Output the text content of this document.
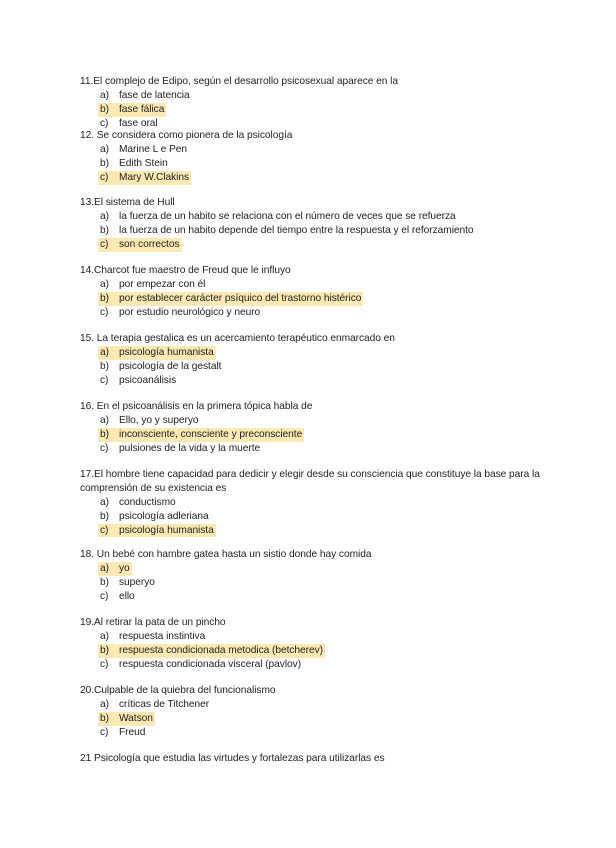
11.El complejo de Edipo, según el desarrollo psicosexual aparece en la
a) fase de latencia
b) fase fálica
c)	fase oral
12. Se considera como pionera de la psicología
a) Marine L e Pen
b) Edith Stein
c)	Mary W.Clakins
13.El sistema de Hull
a) la fuerza de un habito se relaciona con el número de veces que se refuerza
b) la fuerza de un habito depende del tiempo entre la respuesta y el reforzamiento
c)	son correctos
14.Charcot fue maestro de Freud que le influyo
a) por empezar con él
b) por establecer carácter psíquico del trastorno histérico
c)	por estudio neurológico y neuro
15. La terapia gestalica es un acercamiento terapéutico enmarcado en
a) psicología humanista
b) psicología de la gestalt
c)	psicoanálisis
16. En el psicoanálisis en la primera tópica habla de
a) Ello, yo y superyo
b) inconsciente, consciente y preconsciente
c)	pulsiones de la vida y la muerte
17.El hombre tiene capacidad para dedicir y elegir desde su consciencia que constituye la base para la comprensión de su existencia es
a) conductismo
b) psicología adleriana
c)	psicología humanista
18. Un bebé con hambre gatea hasta un sistio donde hay comida
a) yo
b) superyo
c)	ello
19.Al retirar la pata de un pincho
a) respuesta instintiva
b) respuesta condicionada metodica (betcherev)
c)	respuesta condicionada visceral (pavlov)
20.Culpable de la quiebra del funcionalismo
a) críticas de Titchener
b) Watson
c)	Freud
21 Psicología que estudia las virtudes y fortalezas para utilizarlas es
